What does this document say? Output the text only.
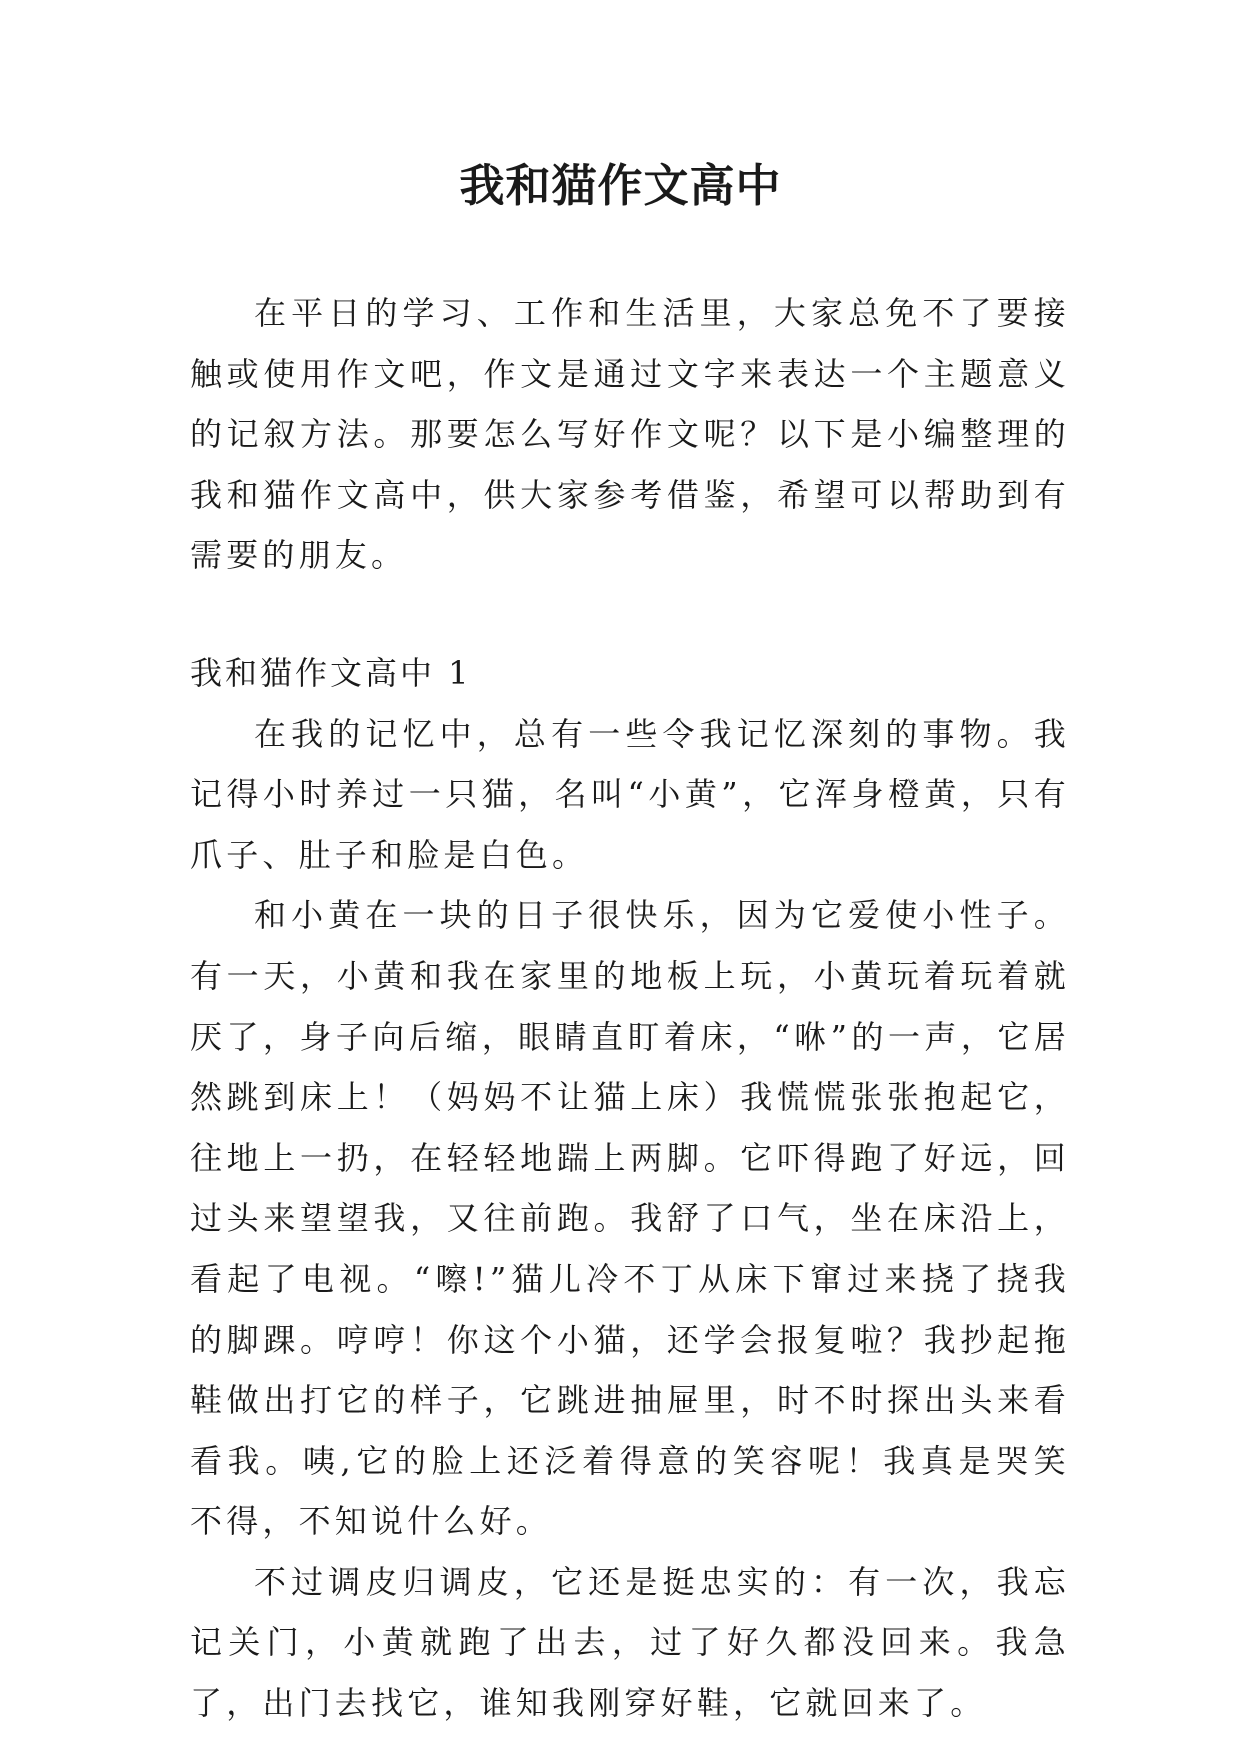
我和猫作文高中

在平日的学习、工作和生活里，大家总免不了要接触或使用作文吧，作文是通过文字来表达一个主题意义的记叙方法。那要怎么写好作文呢？以下是小编整理的我和猫作文高中，供大家参考借鉴，希望可以帮助到有需要的朋友。

我和猫作文高中 1

在我的记忆中，总有一些令我记忆深刻的事物。我记得小时养过一只猫，名叫“小黄”，它浑身橙黄，只有爪子、肚子和脸是白色。

和小黄在一块的日子很快乐，因为它爱使小性子。有一天，小黄和我在家里的地板上玩，小黄玩着玩着就厌了，身子向后缩，眼睛直盯着床，“咻”的一声，它居然跳到床上！（妈妈不让猫上床）我慌慌张张抱起它，往地上一扔，在轻轻地踹上两脚。它吓得跑了好远，回过头来望望我，又往前跑。我舒了口气，坐在床沿上，看起了电视。“嚓!”猫儿冷不丁从床下窜过来挠了挠我的脚踝。哼哼！你这个小猫，还学会报复啦？我抄起拖鞋做出打它的样子，它跳进抽屉里，时不时探出头来看看我。咦,它的脸上还泛着得意的笑容呢！我真是哭笑不得，不知说什么好。

不过调皮归调皮，它还是挺忠实的：有一次，我忘记关门，小黄就跑了出去，过了好久都没回来。我急了，出门去找它，谁知我刚穿好鞋，它就回来了。
